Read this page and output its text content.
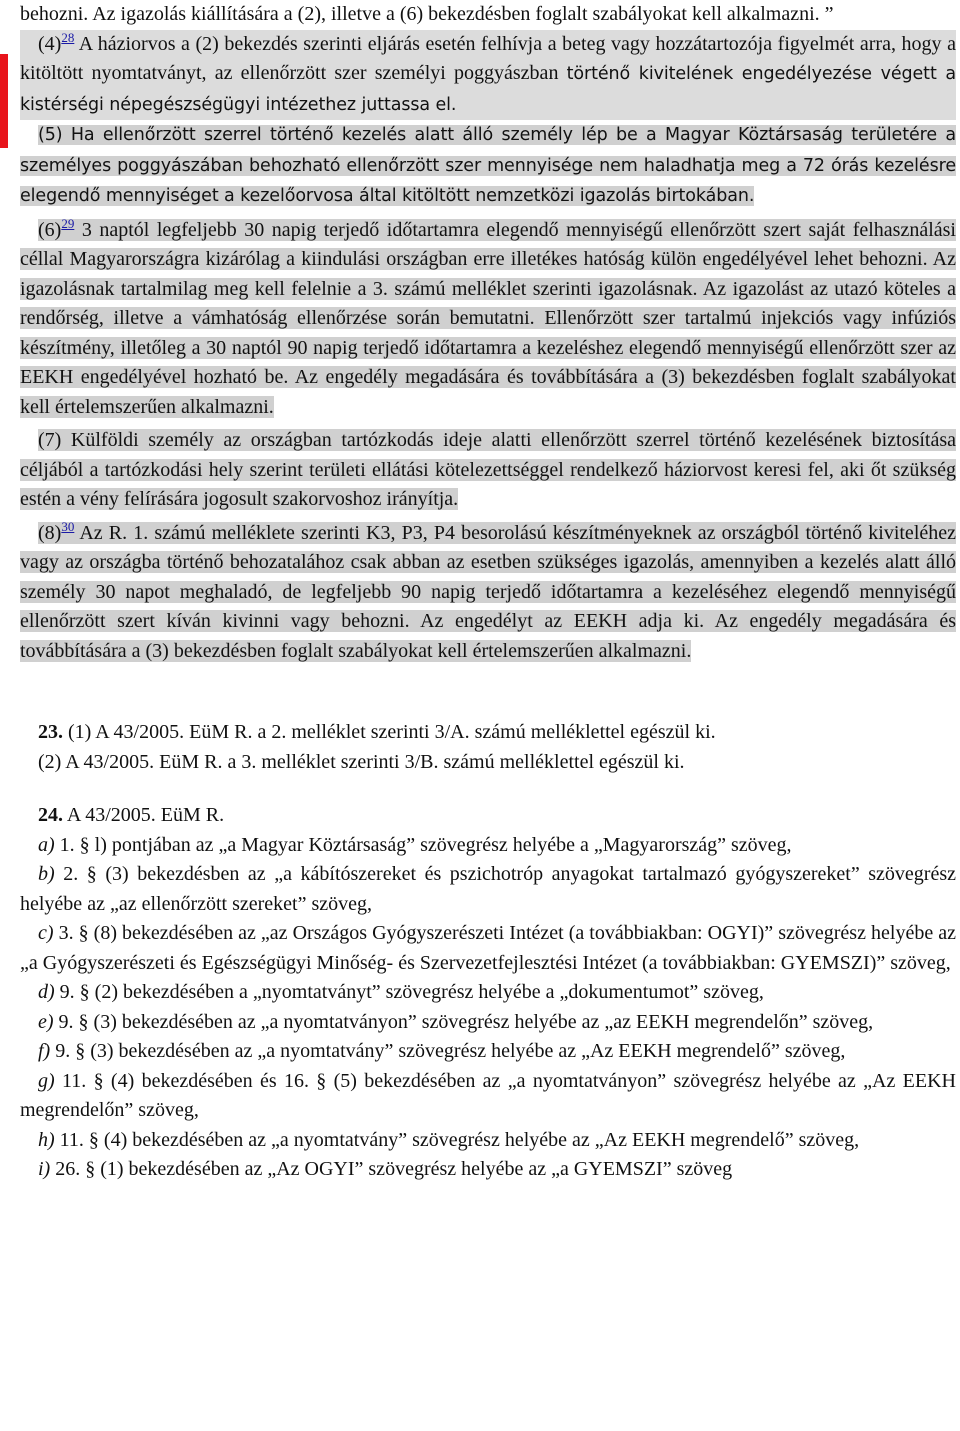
behozni. Az igazolás kiállítására a (2), illetve a (6) bekezdésben foglalt szabályokat kell alkalmazni. ”

(4)$^{28}$ A háziorvos a (2) bekezdés szerinti eljárás esetén felhívja a beteg vagy hozzátartozója figyelmét arra, hogy a kitöltött nyomtatványt, az ellenőrzött szer személyi poggyászban történő kivitelének engedélyezése végett a kistérségi népegészségügyi intézethez juttassa el.

(5) Ha ellenőrzött szerrel történő kezelés alatt álló személy lép be a Magyar Köztársaság területére a személyes poggyászában behozható ellenőrzött szer mennyisége nem haladhatja meg a 72 órás kezelésre elegendő mennyiséget a kezelőorvosa által kitöltött nemzetközi igazolás birtokában.

(6)$^{29}$ 3 naptól legfeljebb 30 napig terjedő időtartamra elegendő mennyiségű ellenőrzött szert saját felhasználási céllal Magyarországra kizárólag a kiindulási országban erre illetékes hatóság külön engedélyével lehet behozni. Az igazolásnak tartalmilag meg kell felelnie a 3. számú melléklet szerinti igazolásnak. Az igazolást az utazó köteles a rendőrség, illetve a vámhatóság ellenőrzése során bemutatni. Ellenőrzött szer tartalmú injekciós vagy infúziós készítmény, illetőleg a 30 naptól 90 napig terjedő időtartamra a kezeléshez elegendő mennyiségű ellenőrzött szer az EEKH engedélyével hozható be. Az engedély megadására és továbbítására a (3) bekezdésben foglalt szabályokat kell értelemszerűen alkalmazni.

(7) Külföldi személy az országban tartózkodás ideje alatti ellenőrzött szerrel történő kezelésének biztosítása céljából a tartózkodási hely szerint területi ellátási kötelezettséggel rendelkező háziorvost keresi fel, aki őt szükség estén a vény felírására jogosult szakorvoshoz irányítja.

(8)$^{30}$ Az R. 1. számú melléklete szerinti K3, P3, P4 besorolású készítményeknek az országból történő kiviteléhez vagy az országba történő behozatalához csak abban az esetben szükséges igazolás, amennyiben a kezelés alatt álló személy 30 napot meghaladó, de legfeljebb 90 napig terjedő időtartamra a kezeléséhez elegendő mennyiségű ellenőrzött szert kíván kivinni vagy behozni. Az engedélyt az EEKH adja ki. Az engedély megadására és továbbítására a (3) bekezdésben foglalt szabályokat kell értelemszerűen alkalmazni.

23. (1) A 43/2005. EüM R. a 2. melléklet szerinti 3/A. számú melléklettel egészül ki.

(2) A 43/2005. EüM R. a 3. melléklet szerinti 3/B. számú melléklettel egészül ki.

24. A 43/2005. EüM R.

a) 1. § l) pontjában az „a Magyar Köztársaság” szövegrész helyébe a „Magyarország” szöveg,

b) 2. § (3) bekezdésben az „a kábítószereket és pszichotróp anyagokat tartalmazó gyógyszereket” szövegrész helyébe az „az ellenőrzött szereket” szöveg,

c) 3. § (8) bekezdésében az „az Országos Gyógyszerészeti Intézet (a továbbiakban: OGYI)” szövegrész helyébe az „a Gyógyszerészeti és Egészségügyi Minőség- és Szervezetfejlesztési Intézet (a továbbiakban: GYEMSZI)” szöveg,

d) 9. § (2) bekezdésében a „nyomtatványt” szövegrész helyébe a „dokumentumot” szöveg,

e) 9. § (3) bekezdésében az „a nyomtatványon” szövegrész helyébe az „az EEKH megrendelőn” szöveg,

f) 9. § (3) bekezdésében az „a nyomtatvány” szövegrész helyébe az „Az EEKH megrendelő” szöveg,

g) 11. § (4) bekezdésében és 16. § (5) bekezdésében az „a nyomtatványon” szövegrész helyébe az „Az EEKH megrendelőn” szöveg,

h) 11. § (4) bekezdésében az „a nyomtatvány” szövegrész helyébe az „Az EEKH megrendelő” szöveg,

i) 26. § (1) bekezdésében az „Az OGYI” szövegrész helyébe az „a GYEMSZI” szöveg
